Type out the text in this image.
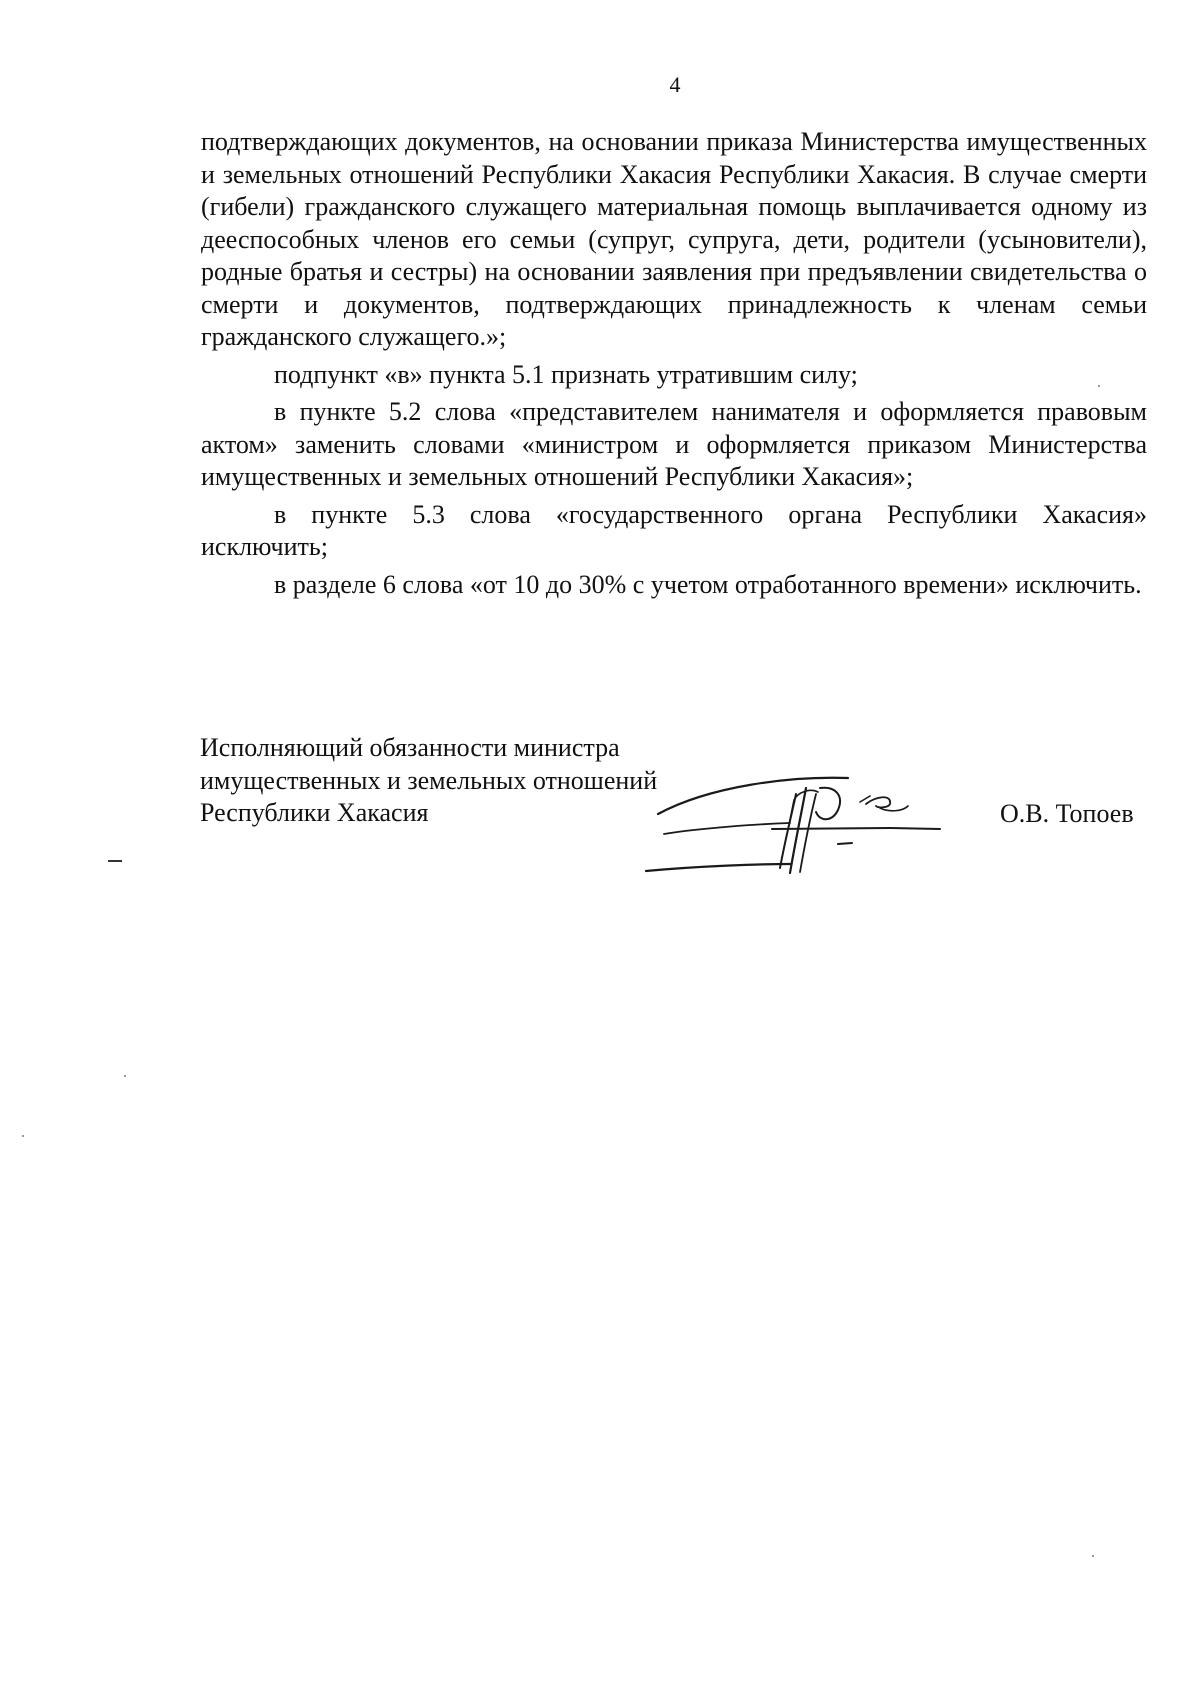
4

подтверждающих документов, на основании приказа Министерства имущественных и земельных отношений Республики Хакасия Республики Хакасия. В случае смерти (гибели) гражданского служащего материальная помощь выплачивается одному из дееспособных членов его семьи (супруг, супруга, дети, родители (усыновители), родные братья и сестры) на основании заявления при предъявлении свидетельства о смерти и документов, подтверждающих принадлежность к членам семьи гражданского служащего.»;

подпункт «в» пункта 5.1 признать утратившим силу;

в пункте 5.2 слова «представителем нанимателя и оформляется правовым актом» заменить словами «министром и оформляется приказом Министерства имущественных и земельных отношений Республики Хакасия»;

в пункте 5.3 слова «государственного органа Республики Хакасия» исключить;

в разделе 6 слова «от 10 до 30% с учетом отработанного времени» исключить.

Исполняющий обязанности министра
имущественных и земельных отношений
Республики Хакасия	О.В. Топоев
